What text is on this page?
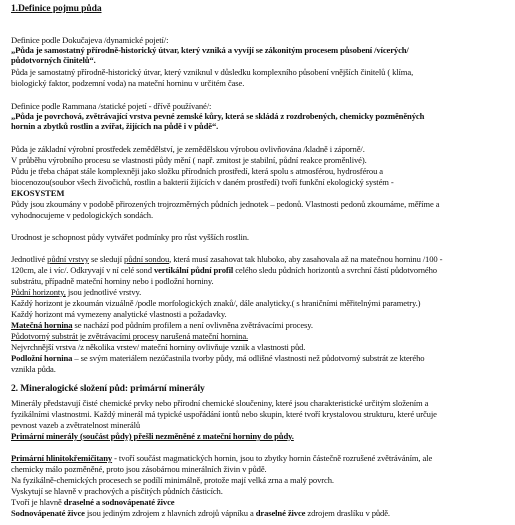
1.Definice pojmu půda
Definice podle Dokučajeva /dynamické pojetí/:
„Půda je samostatný přírodně-historický útvar, který vzniká a vyvíjí se zákonitým procesem působení /vícerých/
půdotvorných činitelů“.
Půda je samostatný přírodně-historický útvar, který vzniknul v důsledku komplexního působení vnějších činitelů ( klíma,
biologický faktor, podzemní voda) na mateční horninu v určitém čase.
Definice podle Rammana /statické pojetí - dřívě používané/:
„Půda je povrchová, zvětrávající vrstva pevné zemské kůry, která se skládá z rozdrobených, chemicky pozměněných
hornin a zbytků rostlin a zvířat, žijících na půdě i v půdě“.
Půda je základní výrobní prostředek zemědělství, je zemědělskou výrobou ovlivňována /kladně i záporně/.
V průběhu výrobního procesu se vlastnosti půdy mění ( např. zmitost je stabilní, půdní reakce proměnlivé).
Půdu je třeba chápat stále komplexněji jako složku přírodních prostředí, která spolu s atmosférou, hydrosférou a
biocenozou(soubor všech živočichů, rostlin a bakterií žijících v daném prostředí) tvoří funkční ekologický systém -
EKOSYSTEM
Půdy jsou zkoumány v podobě přirozených trojrozměrných půdních jednotek – pedonů. Vlastnosti pedonů zkoumáme, měříme a
vyhodnocujeme v pedologických sondách.
Urodnost je schopnost půdy vytvářet podmínky pro růst vyšších rostlin.
Jednotlivé půdní vrstvy se sledují půdní sondou, která musí zasahovat tak hluboko, aby zasahovala až na matečnou horninu /100 -
120cm, ale i víc/. Odkryvají v ní celé sond vertikální půdní profil celého sledu půdních horizontů a svrchní částí půdotvorného
substrátu, případně mateční horniny nebo i podložní horniny.
Půdní horizonty, jsou jednotlivé vrstvy.
Každý horizont je zkoumán vizuálně /podle morfologických znaků/, dále analyticky.( s hraničními měřitelnými parametry.)
Každý horizont má vymezeny analytické vlastnosti a požadavky.
Matečná hornina se nachází pod půdním profilem a není ovlivněna zvětrávacími procesy.
Půdotvorný substrát je zvětrávacími procesy narušená mateční hornina.
Nejvrchnější vrstva /z několika vrstev/ mateční horniny ovlivňuje vznik a vlastnosti půd.
Podložní hornina – se svým materiálem nezúčastnila tvorby půdy, má odlišné vlastnosti než půdotvorný substrát ze kterého
vznikla půda.
2. Mineralogické složení půd: primární minerály
Minerály představují čisté chemické prvky nebo přírodní chemické sloučeniny, které jsou charakteristické určitým složením a
fyzikálními vlastnostmi. Každý minerál má typické uspořádání iontů nebo skupin, které tvoří krystalovou strukturu, které určuje
pevnost vazeb a zvětratelnost minerálů
Primární minerály (součást půdy) přešli nezměněné z mateční horniny do půdy.
Primární hlinitokřemičitany - tvoří součást magmatických hornin, jsou to zbytky hornin částečně rozrušené zvětráváním, ale
chemicky málo pozměněné, proto jsou zásobárnou minerálních živin v půdě.
Na fyzikálně-chemických procesech se podílí minimálně, protože mají velká zrna a malý povrch.
Vyskytují se hlavně v prachových a písčitých půdních částicích.
Tvoří je hlavně draselné a sodnovápenaté živce
Sodnovápenaté živce jsou jediným zdrojem z hlavních zdrojů vápníku a draselné živce zdrojem draslíku v půdě.
